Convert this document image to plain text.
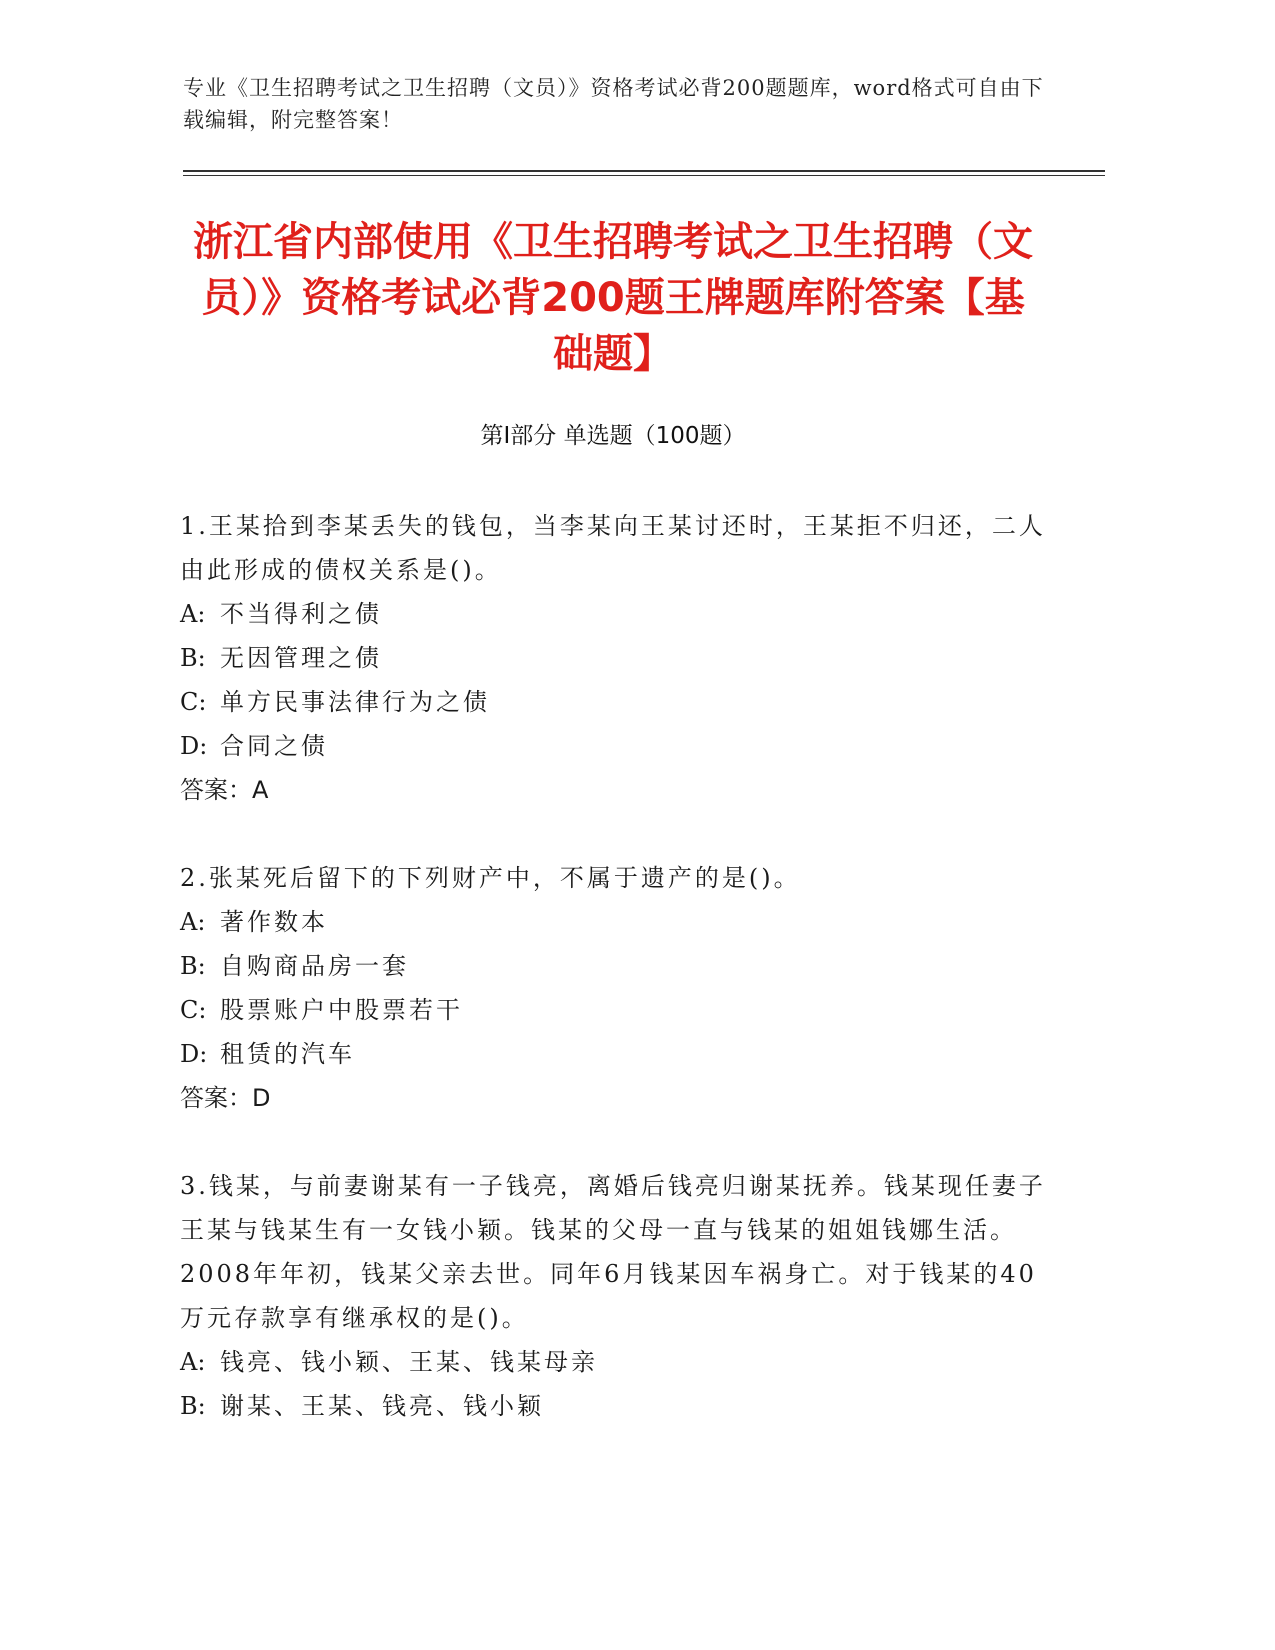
专业《卫生招聘考试之卫生招聘（文员）》资格考试必背200题题库，word格式可自由下载编辑，附完整答案！
浙江省内部使用《卫生招聘考试之卫生招聘（文员）》资格考试必背200题王牌题库附答案【基础题】
第I部分 单选题（100题）

1.王某拾到李某丢失的钱包，当李某向王某讨还时，王某拒不归还，二人由此形成的债权关系是()。

A: 不当得利之债

B: 无因管理之债

C: 单方民事法律行为之债

D: 合同之债

答案：A

2.张某死后留下的下列财产中，不属于遗产的是()。

A: 著作数本

B: 自购商品房一套

C: 股票账户中股票若干

D: 租赁的汽车

答案：D

3.钱某，与前妻谢某有一子钱亮，离婚后钱亮归谢某抚养。钱某现任妻子王某与钱某生有一女钱小颖。钱某的父母一直与钱某的姐姐钱娜生活。2008年年初，钱某父亲去世。同年6月钱某因车祸身亡。对于钱某的40万元存款享有继承权的是()。

A: 钱亮、钱小颖、王某、钱某母亲

B: 谢某、王某、钱亮、钱小颖
